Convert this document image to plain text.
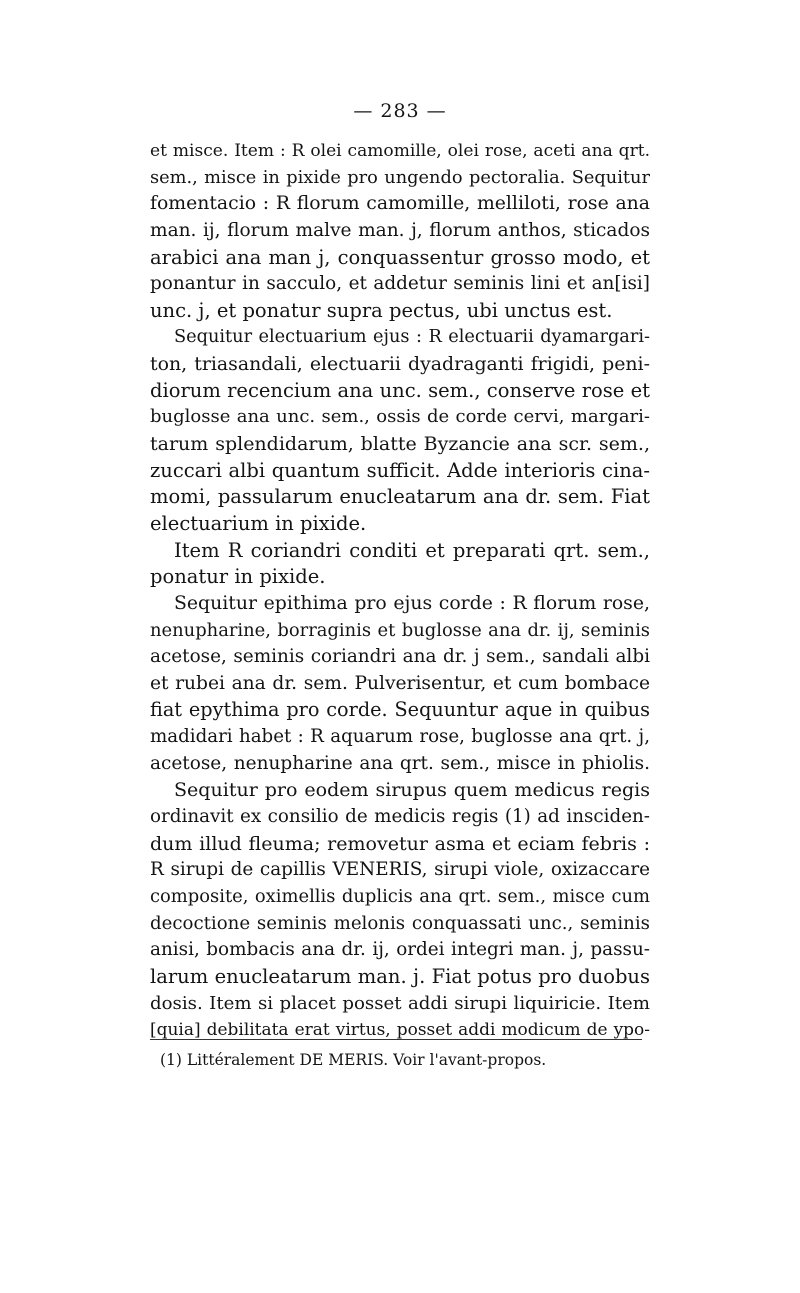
— 283 —
et misce. Item : R olei camomille, olei rose, aceti ana qrt.
sem., misce in pixide pro ungendo pectoralia. Sequitur
fomentacio : R florum camomille, melliloti, rose ana
man. ij, florum malve man. j, florum anthos, sticados
arabici ana man j, conquassentur grosso modo, et
ponantur in sacculo, et addetur seminis lini et an[isi]
unc. j, et ponatur supra pectus, ubi unctus est.
Sequitur electuarium ejus : R electuarii dyamargari-
ton, triasandali, electuarii dyadraganti frigidi, peni-
diorum recencium ana unc. sem., conserve rose et
buglosse ana unc. sem., ossis de corde cervi, margari-
tarum splendidarum, blatte Byzancie ana scr. sem.,
zuccari albi quantum sufficit. Adde interioris cina-
momi, passularum enucleatarum ana dr. sem. Fiat
electuarium in pixide.
Item R coriandri conditi et preparati qrt. sem.,
ponatur in pixide.
Sequitur epithima pro ejus corde : R florum rose,
nenupharine, borraginis et buglosse ana dr. ij, seminis
acetose, seminis coriandri ana dr. j sem., sandali albi
et rubei ana dr. sem. Pulverisentur, et cum bombace
fiat epythima pro corde. Sequuntur aque in quibus
madidari habet : R aquarum rose, buglosse ana qrt. j,
acetose, nenupharine ana qrt. sem., misce in phiolis.
Sequitur pro eodem sirupus quem medicus regis
ordinavit ex consilio de medicis regis (1) ad insciden-
dum illud fleuma; removetur asma et eciam febris :
R sirupi de capillis VENERIS, sirupi viole, oxizaccare
composite, oximellis duplicis ana qrt. sem., misce cum
decoctione seminis melonis conquassati unc., seminis
anisi, bombacis ana dr. ij, ordei integri man. j, passu-
larum enucleatarum man. j. Fiat potus pro duobus
dosis. Item si placet posset addi sirupi liquiricie. Item
[quia] debilitata erat virtus, posset addi modicum de ypo-
(1) Littéralement DE MERIS. Voir l'avant-propos.
